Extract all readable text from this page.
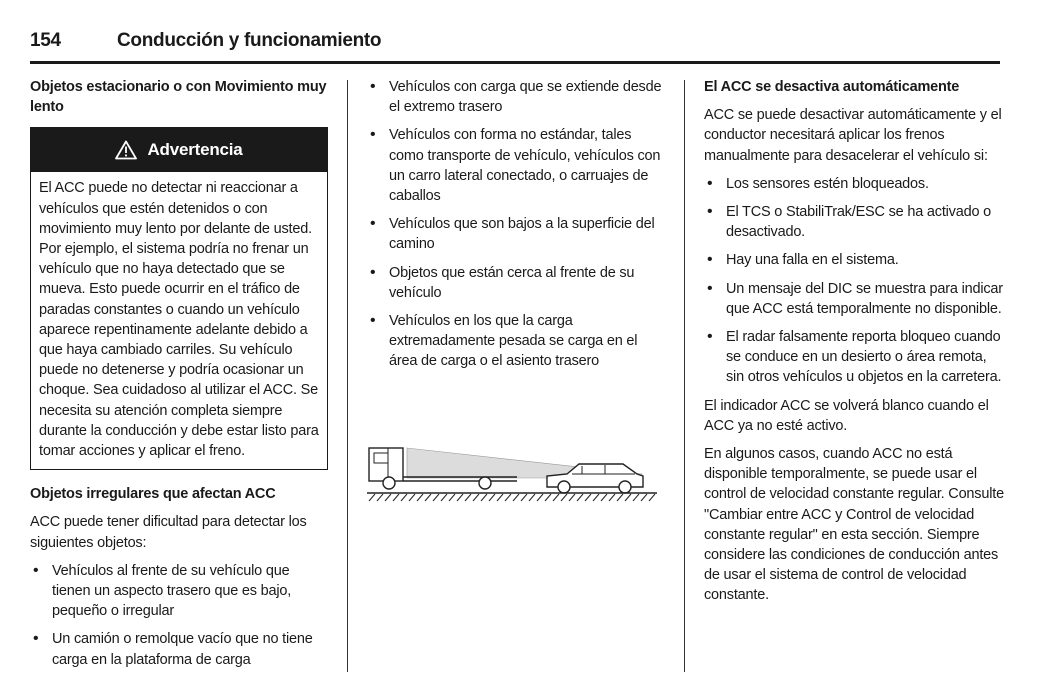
154	Conducción y funcionamiento

Objetos estacionario o con Movimiento muy lento

Advertencia
El ACC puede no detectar ni reaccionar a vehículos que estén detenidos o con movimiento muy lento por delante de usted. Por ejemplo, el sistema podría no frenar un vehículo que no haya detectado que se mueva. Esto puede ocurrir en el tráfico de paradas constantes o cuando un vehículo aparece repentinamente adelante debido a que haya cambiado carriles. Su vehículo puede no detenerse y podría ocasionar un choque. Sea cuidadoso al utilizar el ACC. Se necesita su atención completa siempre durante la conducción y debe estar listo para tomar acciones y aplicar el freno.

Objetos irregulares que afectan ACC

ACC puede tener dificultad para detectar los siguientes objetos:

• Vehículos al frente de su vehículo que tienen un aspecto trasero que es bajo, pequeño o irregular
• Un camión o remolque vacío que no tiene carga en la plataforma de carga
• Vehículos con carga que se extiende desde el extremo trasero
• Vehículos con forma no estándar, tales como transporte de vehículo, vehículos con un carro lateral conectado, o carruajes de caballos
• Vehículos que son bajos a la superficie del camino
• Objetos que están cerca al frente de su vehículo
• Vehículos en los que la carga extremadamente pesada se carga en el área de carga o el asiento trasero

El ACC se desactiva automáticamente

ACC se puede desactivar automáticamente y el conductor necesitará aplicar los frenos manualmente para desacelerar el vehículo si:

• Los sensores estén bloqueados.
• El TCS o StabiliTrak/ESC se ha activado o desactivado.
• Hay una falla en el sistema.
• Un mensaje del DIC se muestra para indicar que ACC está temporalmente no disponible.
• El radar falsamente reporta bloqueo cuando se conduce en un desierto o área remota, sin otros vehículos u objetos en la carretera.

El indicador ACC se volverá blanco cuando el ACC ya no esté activo.

En algunos casos, cuando ACC no está disponible temporalmente, se puede usar el control de velocidad constante regular. Consulte "Cambiar entre ACC y Control de velocidad constante regular" en esta sección. Siempre considere las condiciones de conducción antes de usar el sistema de control de velocidad constante.
